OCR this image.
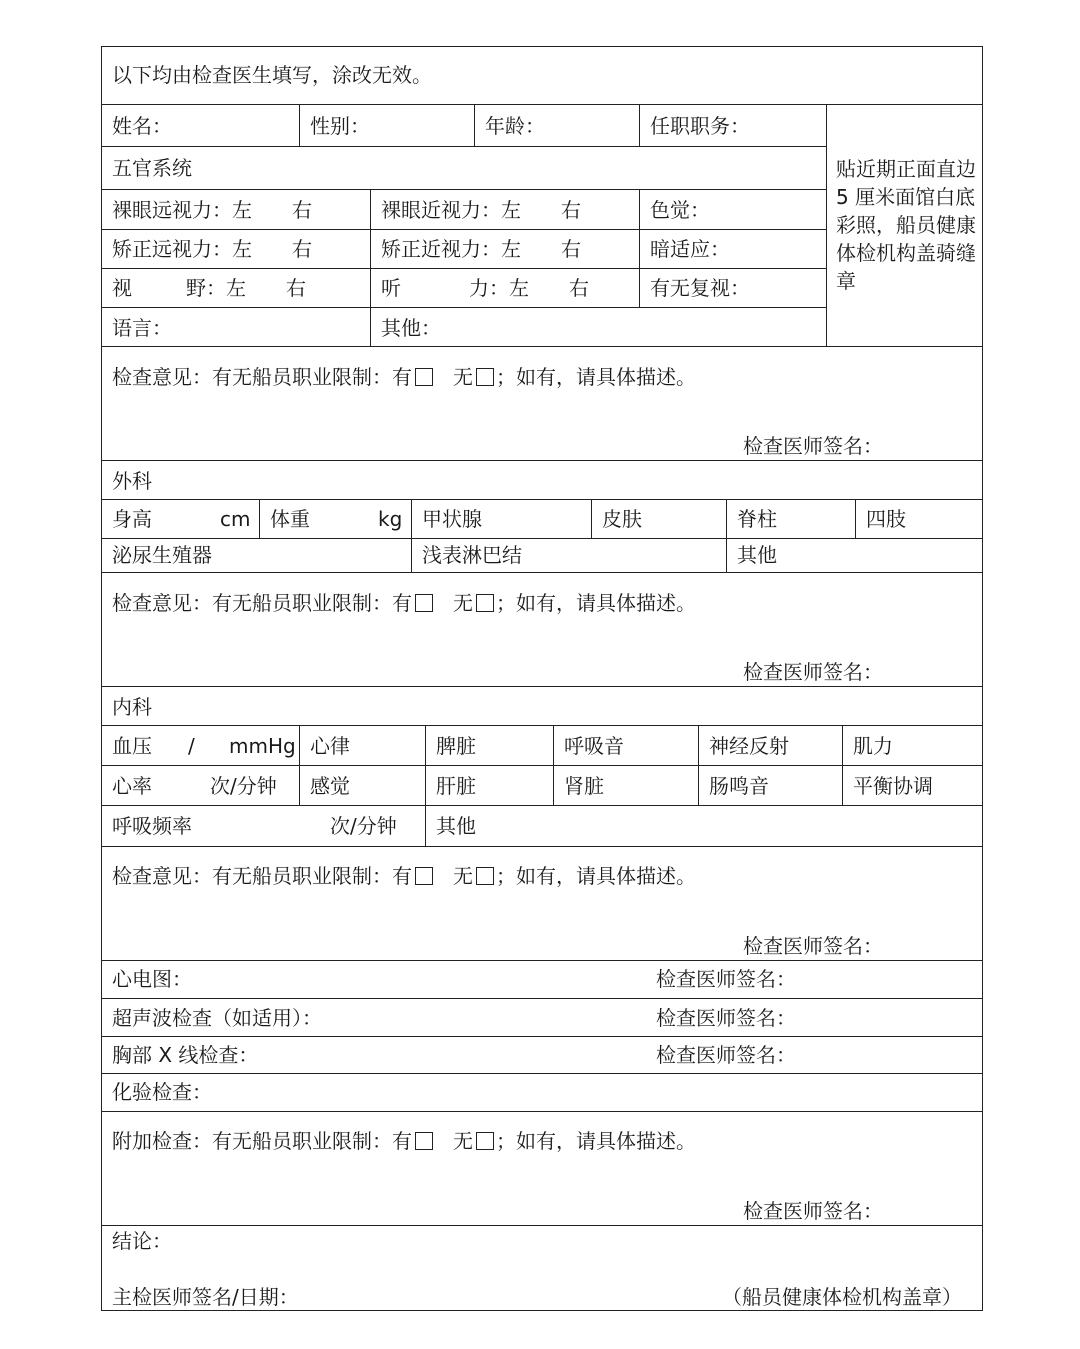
以下均由检查医生填写，涂改无效。
姓名：	性别：	年龄：	任职职务：
贴近期正面直边 5 厘米面馆白底彩照，船员健康体检机构盖骑缝章
五官系统
裸眼远视力：左 右	裸眼近视力：左 右	色觉：
矫正远视力：左 右	矫正近视力：左 右	暗适应：
视	野：左 右	听	力：左 右	有无复视：
语言：	其他：
检查意见：有无船员职业限制：有 无 ；如有，请具体描述。
检查医师签名：
外科
身高	cm 体重	kg 甲状腺	皮肤	脊柱	四肢
泌尿生殖器	浅表淋巴结	其他
检查意见：有无船员职业限制：有 无 ；如有，请具体描述。
检查医师签名：
内科
血压 / mmHg 心律	脾脏	呼吸音	神经反射	肌力
心率	次/分钟 感觉	肝脏	肾脏	肠鸣音	平衡协调
呼吸频率	次/分钟 其他
检查意见：有无船员职业限制：有 无 ；如有，请具体描述。
检查医师签名：
心电图：	检查医师签名：
超声波检查（如适用）：	检查医师签名：
胸部 X 线检查：	检查医师签名：
化验检查：
附加检查：有无船员职业限制：有 无 ；如有，请具体描述。
检查医师签名：
结论：
主检医师签名/日期：	（船员健康体检机构盖章）
